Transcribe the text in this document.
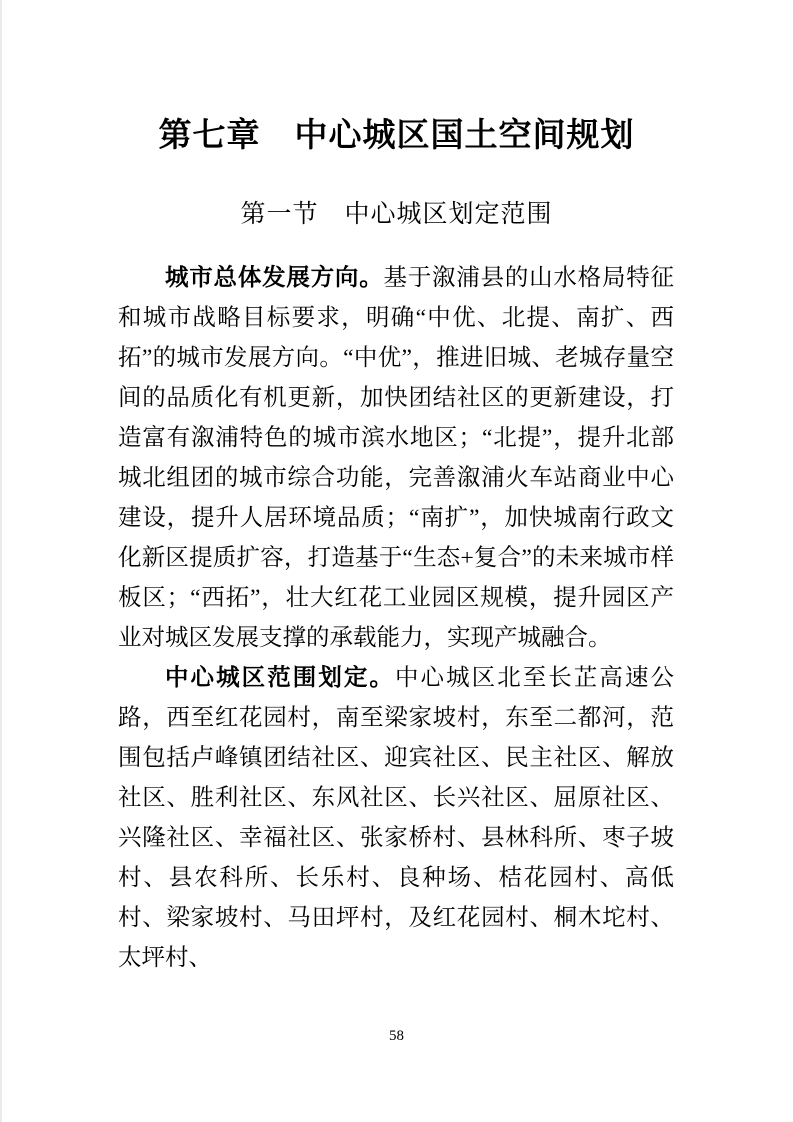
第七章　中心城区国土空间规划
第一节　中心城区划定范围

城市总体发展方向。基于溆浦县的山水格局特征和城市战略目标要求，明确“中优、北提、南扩、西拓”的城市发展方向。“中优”，推进旧城、老城存量空间的品质化有机更新，加快团结社区的更新建设，打造富有溆浦特色的城市滨水地区；“北提”，提升北部城北组团的城市综合功能，完善溆浦火车站商业中心建设，提升人居环境品质；“南扩”，加快城南行政文化新区提质扩容，打造基于“生态+复合”的未来城市样板区；“西拓”，壮大红花工业园区规模，提升园区产业对城区发展支撑的承载能力，实现产城融合。

中心城区范围划定。中心城区北至长芷高速公路，西至红花园村，南至梁家坡村，东至二都河，范围包括卢峰镇团结社区、迎宾社区、民主社区、解放社区、胜利社区、东风社区、长兴社区、屈原社区、兴隆社区、幸福社区、张家桥村、县林科所、枣子坡村、县农科所、长乐村、良种场、桔花园村、高低村、梁家坡村、马田坪村，及红花园村、桐木坨村、太坪村、

58
